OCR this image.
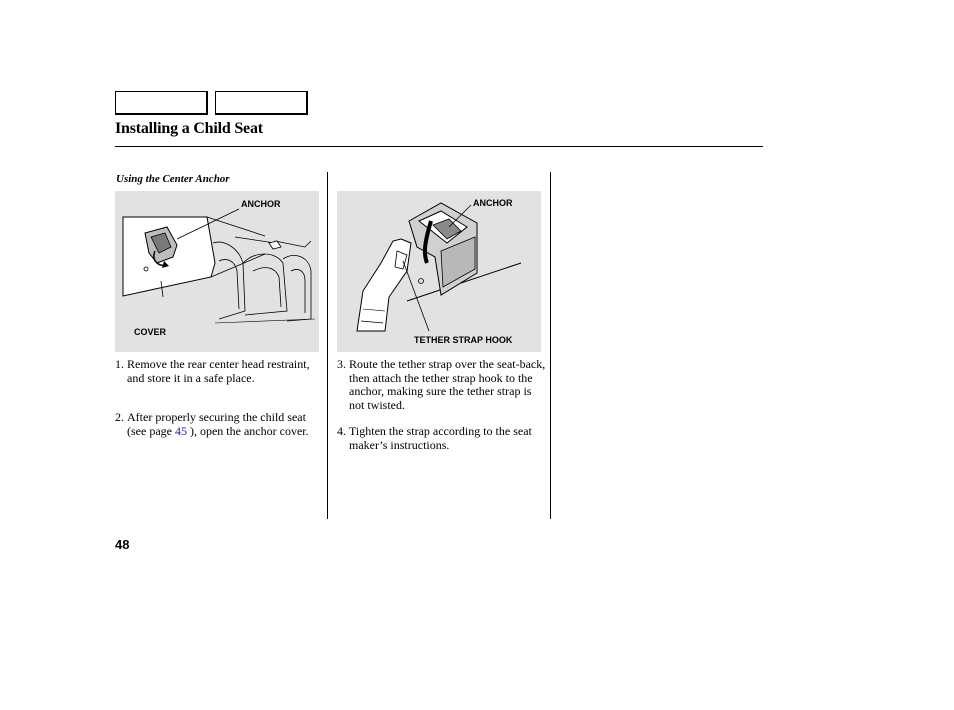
Installing a Child Seat
Using the Center Anchor
ANCHOR
COVER
ANCHOR
TETHER STRAP HOOK
1. Remove the rear center head restraint, and store it in a safe place.
2. After properly securing the child seat (see page 45 ), open the anchor cover.
3. Route the tether strap over the seat-back, then attach the tether strap hook to the anchor, making sure the tether strap is not twisted.
4. Tighten the strap according to the seat maker’s instructions.
48
